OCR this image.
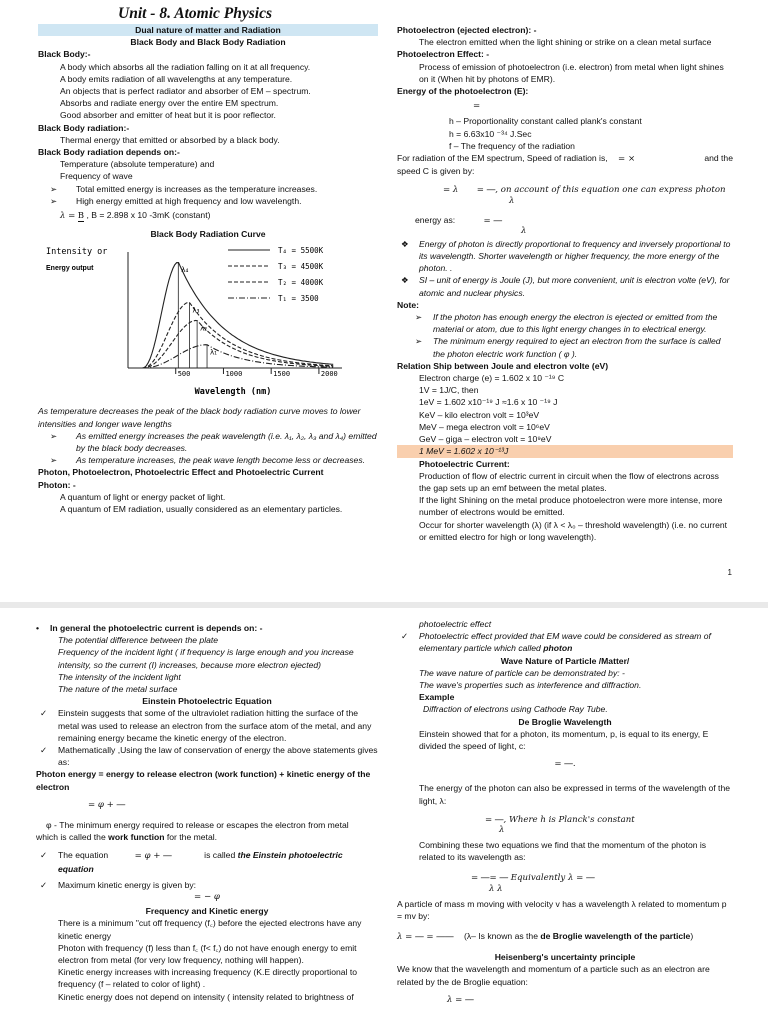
Unit - 8. Atomic Physics
Dual nature of matter and Radiation
Black Body and Black Body Radiation
Black Body:-
A body which absorbs all the radiation falling on it at all frequency.
A body emits radiation of all wavelengths at any temperature.
An objects that is perfect radiator and absorber of EM – spectrum.
Absorbs and radiate energy over the entire EM spectrum.
Good absorber and emitter of heat but it is poor reflector.
Black Body radiation:-
Thermal energy that emitted or absorbed by a black body.
Black Body radiation depends on:-
Temperature (absolute temperature) and
Frequency of wave
➢	Total emitted energy is increases as the temperature increases.
➢	High energy emitted at high frequency and low wavelength.
λ = B , B = 2.898 x 10 -3mK (constant)
Black Body Radiation Curve
Intensity or
Energy output
500	1000	1500	2000
Wavelength (nm)
λ₄
T₄ = 5500K
λ₃
T₃ = 4500K
λ₂
T₂ = 4000K
λ₁
T₁ = 3500
As temperature decreases the peak of the black body radiation curve moves to lower intensities and longer wave lengths
➢	As emitted energy increases the peak wavelength (i.e. λ₁, λ₂, λ₃ and λ₄) emitted by the black body decreases.
➢	As temperature increases, the peak wave length become less or decreases.
Photon, Photoelectron, Photoelectric Effect and Photoelectric Current
Photon: -
A quantum of light or energy packet of light.
A quantum of EM radiation, usually considered as an elementary particles.
Photoelectron (ejected electron): -
The electron emitted when the light shining or strike on a clean metal surface
Photoelectron Effect: -
Process of emission of photoelectron (i.e. electron) from metal when light shines on it (When hit by photons of EMR).
Energy of the photoelectron (E):
=
h – Proportionality constant called plank's constant
h = 6.63x10 ⁻³⁴ J.Sec
f – The frequency of the radiation
For radiation of the EM spectrum, Speed of radiation is, = ×	and the
speed C is given by:
= λ = ―, on account of this equation one can express photon
λ
energy as:	= ―
λ
❖ Energy of photon is directly proportional to frequency and inversely proportional to its wavelength. Shorter wavelength or higher frequency, the more energy of the photon. .
❖ SI – unit of energy is Joule (J), but more convenient, unit is electron volte (eV), for atomic and nuclear physics.
Note:
➢ If the photon has enough energy the electron is ejected or emitted from the material or atom, due to this light energy changes in to electrical energy.
➢ The minimum energy required to eject an electron from the surface is called the photon electric work function ( φ ).
Relation Ship between Joule and electron volte (eV)
Electron charge (e) = 1.602 x 10 ⁻¹⁹ C
1V = 1J/C, then
1eV = 1.602 x10⁻¹⁹ J ≈1.6 x 10 ⁻¹⁹ J
KeV – kilo electron volt = 10³eV
MeV – mega electron volt = 10⁶eV
GeV – giga – electron volt = 10⁹eV
1 MeV = 1.602 x 10⁻¹³J
Photoelectric Current:
Production of flow of electric current in circuit when the flow of electrons across the gap sets up an emf between the metal plates.
If the light Shining on the metal produce photoelectron were more intense, more number of electrons would be emitted.
Occur for shorter wavelength (λ) (if λ < λ₀ – threshold wavelength) (i.e. no current or emitted electro for high or long wavelength).
1
• In general the photoelectric current is depends on: -
The potential difference between the plate
Frequency of the incident light ( if frequency is large enough and you increase intensity, so the current (I) increases, because more electron ejected)
The intensity of the incident light
The nature of the metal surface
Einstein Photoelectric Equation
✓ Einstein suggests that some of the ultraviolet radiation hitting the surface of the metal was used to release an electron from the surface atom of the metal, and any remaining energy became the kinetic energy of the electron.
✓ Mathematically ,Using the law of conservation of energy the above statements gives as:
Photon energy = energy to release electron (work function) + kinetic energy of the electron
= φ + ―
φ - The minimum energy required to release or escapes the electron from metal
which is called the work function for the metal.
✓ The equation	= φ + ―	is called the Einstein photoelectric equation
✓ Maximum kinetic energy is given by:
= − φ
Frequency and Kinetic energy
There is a minimum "cut off frequency (f꜀) before the ejected electrons have any kinetic energy
Photon with frequency (f) less than f꜀ (f< f꜀) do not have enough energy to emit electron from metal (for very low frequency, nothing will happen).
Kinetic energy increases with increasing frequency (K.E directly proportional to frequency (f – related to color of light) .
Kinetic energy does not depend on intensity ( intensity related to brightness of
photoelectric effect
✓ Photoelectric effect provided that EM wave could be considered as stream of elementary particle which called photon
Wave Nature of Particle /Matter/
The wave nature of particle can be demonstrated by: -
The wave's properties such as interference and diffraction.
Example
Diffraction of electrons using Cathode Ray Tube.
De Broglie Wavelength
Einstein showed that for a photon, its momentum, p, is equal to its energy, E divided the speed of light, c:
= ―.
The energy of the photon can also be expressed in terms of the wavelength of the light, λ:
= ―, Where h is Planck's constant
λ
Combining these two equations we find that the momentum of the photon is related to its wavelength as:
= ―= ― Equivalently λ = ―
λ λ
A particle of mass m moving with velocity v has a wavelength λ related to momentum p = mv by:
λ = ― = ―― (λ– Is known as the de Broglie wavelength of the particle)
Heisenberg's uncertainty principle
We know that the wavelength and momentum of a particle such as an electron are related by the de Broglie equation:
λ = ―
